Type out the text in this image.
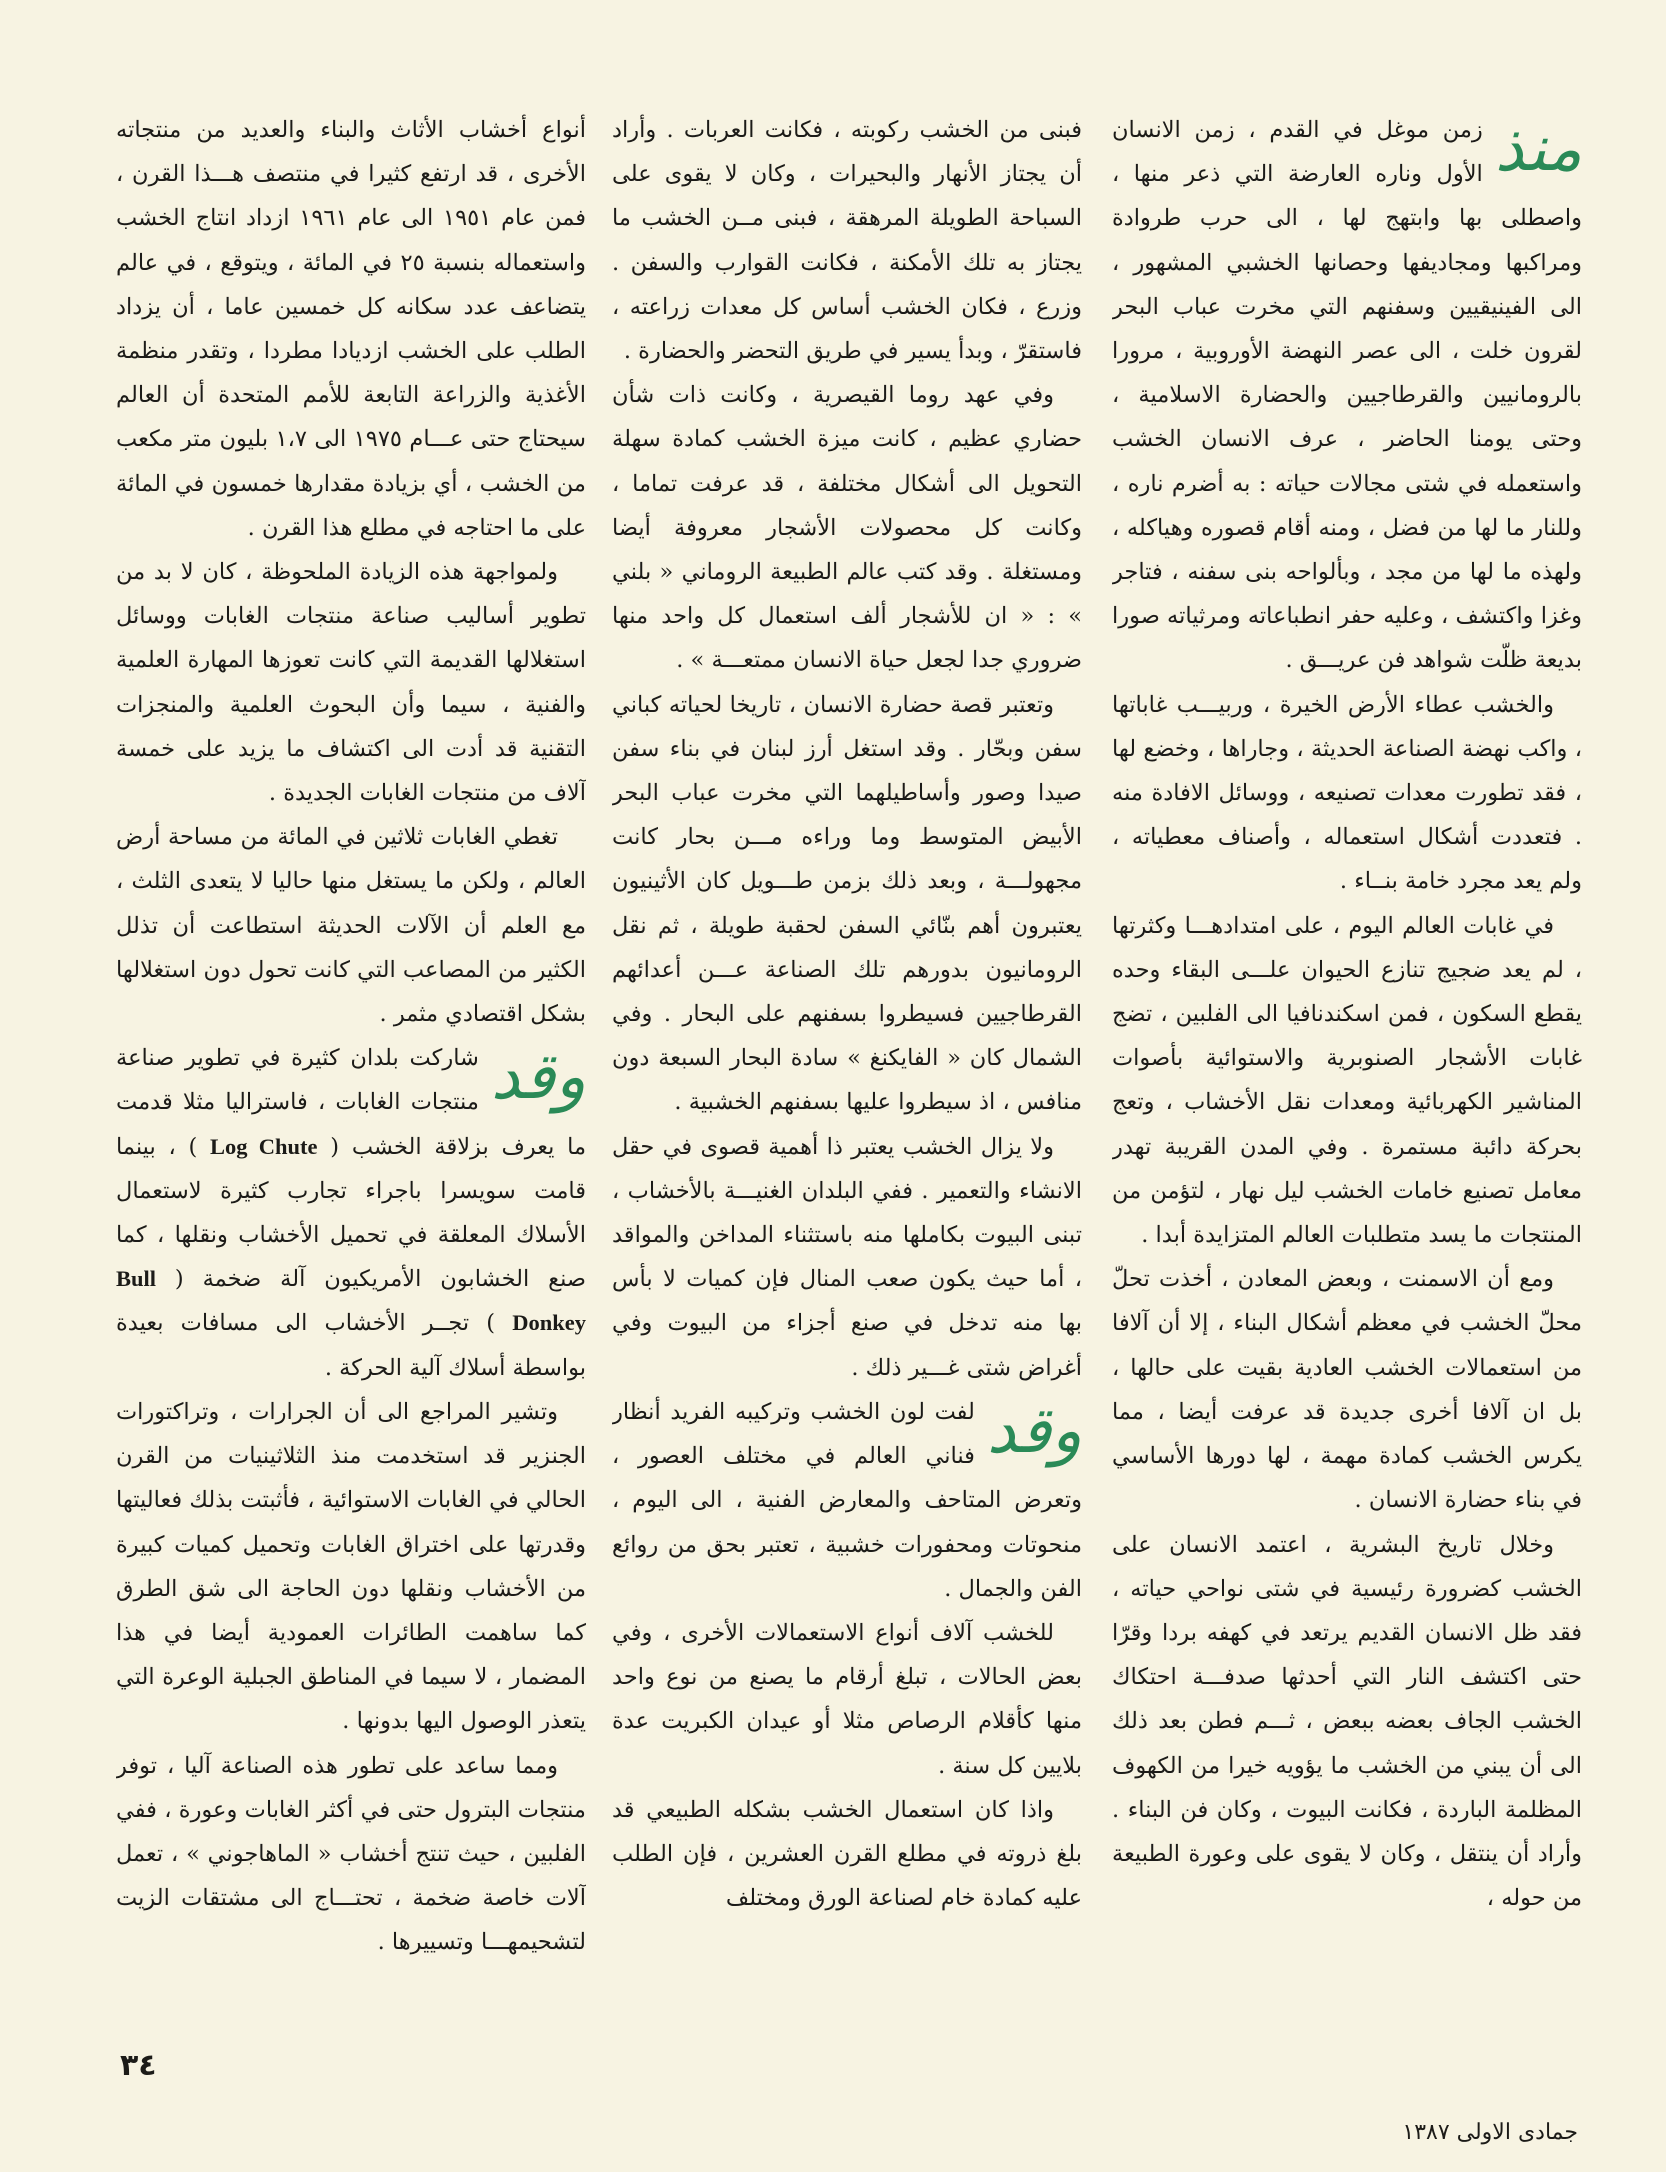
منذ
زمن موغل في القدم ، زمن الانسان الأول وناره العارضة التي ذعر منها ، واصطلى بها وابتهج لها ، الى حرب طروادة ومراكبها ومجاديفها وحصانها الخشبي المشهور ، الى الفينيقيين وسفنهم التي مخرت عباب البحر لقرون خلت ، الى عصر النهضة الأوروبية ، مرورا بالرومانيين والقرطاجيين والحضارة الاسلامية ، وحتى يومنا الحاضر ، عرف الانسان الخشب واستعمله في شتى مجالات حياته : به أضرم ناره ، وللنار ما لها من فضل ، ومنه أقام قصوره وهياكله ، ولهذه ما لها من مجد ، وبألواحه بنى سفنه ، فتاجر وغزا واكتشف ، وعليه حفر انطباعاته ومرثياته صورا بديعة ظلّت شواهد فن عريـــق .

والخشب عطاء الأرض الخيرة ، وربيـــب غاباتها ، واكب نهضة الصناعة الحديثة ، وجاراها ، وخضع لها ، فقد تطورت معدات تصنيعه ، ووسائل الافادة منه . فتعددت أشكال استعماله ، وأصناف معطياته ، ولم يعد مجرد خامة بنــاء .

في غابات العالم اليوم ، على امتدادهـــا وكثرتها ، لم يعد ضجيج تنازع الحيوان علـــى البقاء وحده يقطع السكون ، فمن اسكندنافيا الى الفلبين ، تضج غابات الأشجار الصنوبرية والاستوائية بأصوات المناشير الكهربائية ومعدات نقل الأخشاب ، وتعج بحركة دائبة مستمرة . وفي المدن القريبة تهدر معامل تصنيع خامات الخشب ليل نهار ، لتؤمن من المنتجات ما يسد متطلبات العالم المتزايدة أبدا .

ومع أن الاسمنت ، وبعض المعادن ، أخذت تحلّ محلّ الخشب في معظم أشكال البناء ، إلا أن آلافا من استعمالات الخشب العادية بقيت على حالها ، بل ان آلافا أخرى جديدة قد عرفت أيضا ، مما يكرس الخشب كمادة مهمة ، لها دورها الأساسي في بناء حضارة الانسان .

وخلال تاريخ البشرية ، اعتمد الانسان على الخشب كضرورة رئيسية في شتى نواحي حياته ، فقد ظل الانسان القديم يرتعد في كهفه بردا وقرّا حتى اكتشف النار التي أحدثها صدفـــة احتكاك الخشب الجاف بعضه ببعض ، ثـــم فطن بعد ذلك الى أن يبني من الخشب ما يؤويه خيرا من الكهوف المظلمة الباردة ، فكانت البيوت ، وكان فن البناء . وأراد أن ينتقل ، وكان لا يقوى على وعورة الطبيعة من حوله ،

فبنى من الخشب ركوبته ، فكانت العربات . وأراد أن يجتاز الأنهار والبحيرات ، وكان لا يقوى على السباحة الطويلة المرهقة ، فبنى مــن الخشب ما يجتاز به تلك الأمكنة ، فكانت القوارب والسفن . وزرع ، فكان الخشب أساس كل معدات زراعته ، فاستقرّ ، وبدأ يسير في طريق التحضر والحضارة .

وفي عهد روما القيصرية ، وكانت ذات شأن حضاري عظيم ، كانت ميزة الخشب كمادة سهلة التحويل الى أشكال مختلفة ، قد عرفت تماما ، وكانت كل محصولات الأشجار معروفة أيضا ومستغلة . وقد كتب عالم الطبيعة الروماني « بلني » : « ان للأشجار ألف استعمال كل واحد منها ضروري جدا لجعل حياة الانسان ممتعـــة » .

وتعتبر قصة حضارة الانسان ، تاريخا لحياته كباني سفن وبحّار . وقد استغل أرز لبنان في بناء سفن صيدا وصور وأساطيلهما التي مخرت عباب البحر الأبيض المتوسط وما وراءه مـــن بحار كانت مجهولـــة ، وبعد ذلك بزمن طـــويل كان الأثينيون يعتبرون أهم بنّائي السفن لحقبة طويلة ، ثم نقل الرومانيون بدورهم تلك الصناعة عـــن أعدائهم القرطاجيين فسيطروا بسفنهم على البحار . وفي الشمال كان « الفايكنغ » سادة البحار السبعة دون منافس ، اذ سيطروا عليها بسفنهم الخشبية .

ولا يزال الخشب يعتبر ذا أهمية قصوى في حقل الانشاء والتعمير . ففي البلدان الغنيـــة بالأخشاب ، تبنى البيوت بكاملها منه باستثناء المداخن والمواقد ، أما حيث يكون صعب المنال فإن كميات لا بأس بها منه تدخل في صنع أجزاء من البيوت وفي أغراض شتى غـــير ذلك .

وقد
لفت لون الخشب وتركيبه الفريد أنظار فناني العالم في مختلف العصور ، وتعرض المتاحف والمعارض الفنية ، الى اليوم ، منحوتات ومحفورات خشبية ، تعتبر بحق من روائع الفن والجمال .

للخشب آلاف أنواع الاستعمالات الأخرى ، وفي بعض الحالات ، تبلغ أرقام ما يصنع من نوع واحد منها كأقلام الرصاص مثلا أو عيدان الكبريت عدة بلايين كل سنة .

واذا كان استعمال الخشب بشكله الطبيعي قد بلغ ذروته في مطلع القرن العشرين ، فإن الطلب عليه كمادة خام لصناعة الورق ومختلف

أنواع أخشاب الأثاث والبناء والعديد من منتجاته الأخرى ، قد ارتفع كثيرا في منتصف هـــذا القرن ، فمن عام ١٩٥١ الى عام ١٩٦١ ازداد انتاج الخشب واستعماله بنسبة ٢٥ في المائة ، ويتوقع ، في عالم يتضاعف عدد سكانه كل خمسين عاما ، أن يزداد الطلب على الخشب ازديادا مطردا ، وتقدر منظمة الأغذية والزراعة التابعة للأمم المتحدة أن العالم سيحتاج حتى عـــام ١٩٧٥ الى ١،٧ بليون متر مكعب من الخشب ، أي بزيادة مقدارها خمسون في المائة على ما احتاجه في مطلع هذا القرن .

ولمواجهة هذه الزيادة الملحوظة ، كان لا بد من تطوير أساليب صناعة منتجات الغابات ووسائل استغلالها القديمة التي كانت تعوزها المهارة العلمية والفنية ، سيما وأن البحوث العلمية والمنجزات التقنية قد أدت الى اكتشاف ما يزيد على خمسة آلاف من منتجات الغابات الجديدة .

تغطي الغابات ثلاثين في المائة من مساحة أرض العالم ، ولكن ما يستغل منها حاليا لا يتعدى الثلث ، مع العلم أن الآلات الحديثة استطاعت أن تذلل الكثير من المصاعب التي كانت تحول دون استغلالها بشكل اقتصادي مثمر .

وقد
شاركت بلدان كثيرة في تطوير صناعة منتجات الغابات ، فاستراليا مثلا قدمت ما يعرف بزلاقة الخشب ( Log Chute ) ، بينما قامت سويسرا باجراء تجارب كثيرة لاستعمال الأسلاك المعلقة في تحميل الأخشاب ونقلها ، كما صنع الخشابون الأمريكيون آلة ضخمة ( Bull Donkey ) تجــر الأخشاب الى مسافات بعيدة بواسطة أسلاك آلية الحركة .

وتشير المراجع الى أن الجرارات ، وتراكتورات الجنزير قد استخدمت منذ الثلاثينيات من القرن الحالي في الغابات الاستوائية ، فأثبتت بذلك فعاليتها وقدرتها على اختراق الغابات وتحميل كميات كبيرة من الأخشاب ونقلها دون الحاجة الى شق الطرق كما ساهمت الطائرات العمودية أيضا في هذا المضمار ، لا سيما في المناطق الجبلية الوعرة التي يتعذر الوصول اليها بدونها .

ومما ساعد على تطور هذه الصناعة آليا ، توفر منتجات البترول حتى في أكثر الغابات وعورة ، ففي الفلبين ، حيث تنتج أخشاب « الماهاجوني » ، تعمل آلات خاصة ضخمة ، تحتـــاج الى مشتقات الزيت لتشحيمهـــا وتسييرها .

٣٤
جمادى الاولى ١٣٨٧
